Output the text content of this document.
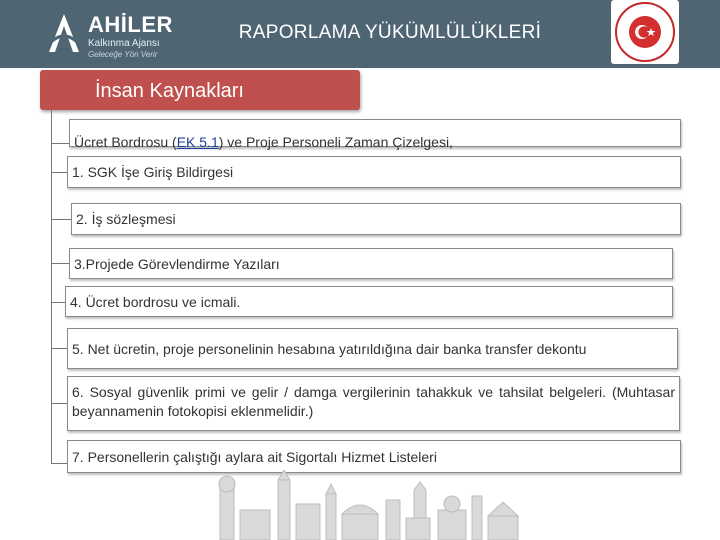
AHİLER
Kalkınma Ajansı
Geleceğe Yön Verir
RAPORLAMA YÜKÜMLÜLÜKLERİ
İnsan Kaynakları
Ücret Bordrosu (EK 5.1) ve Proje Personeli Zaman Çizelgesi,
1. SGK İşe Giriş Bildirgesi
2. İş sözleşmesi
3.Projede Görevlendirme Yazıları
4. Ücret bordrosu ve icmali.
5. Net ücretin, proje personelinin hesabına yatırıldığına dair banka transfer dekontu
6. Sosyal güvenlik primi ve gelir / damga vergilerinin tahakkuk ve tahsilat belgeleri. (Muhtasar beyannamenin fotokopisi eklenmelidir.)
7. Personellerin çalıştığı aylara ait Sigortalı Hizmet Listeleri
